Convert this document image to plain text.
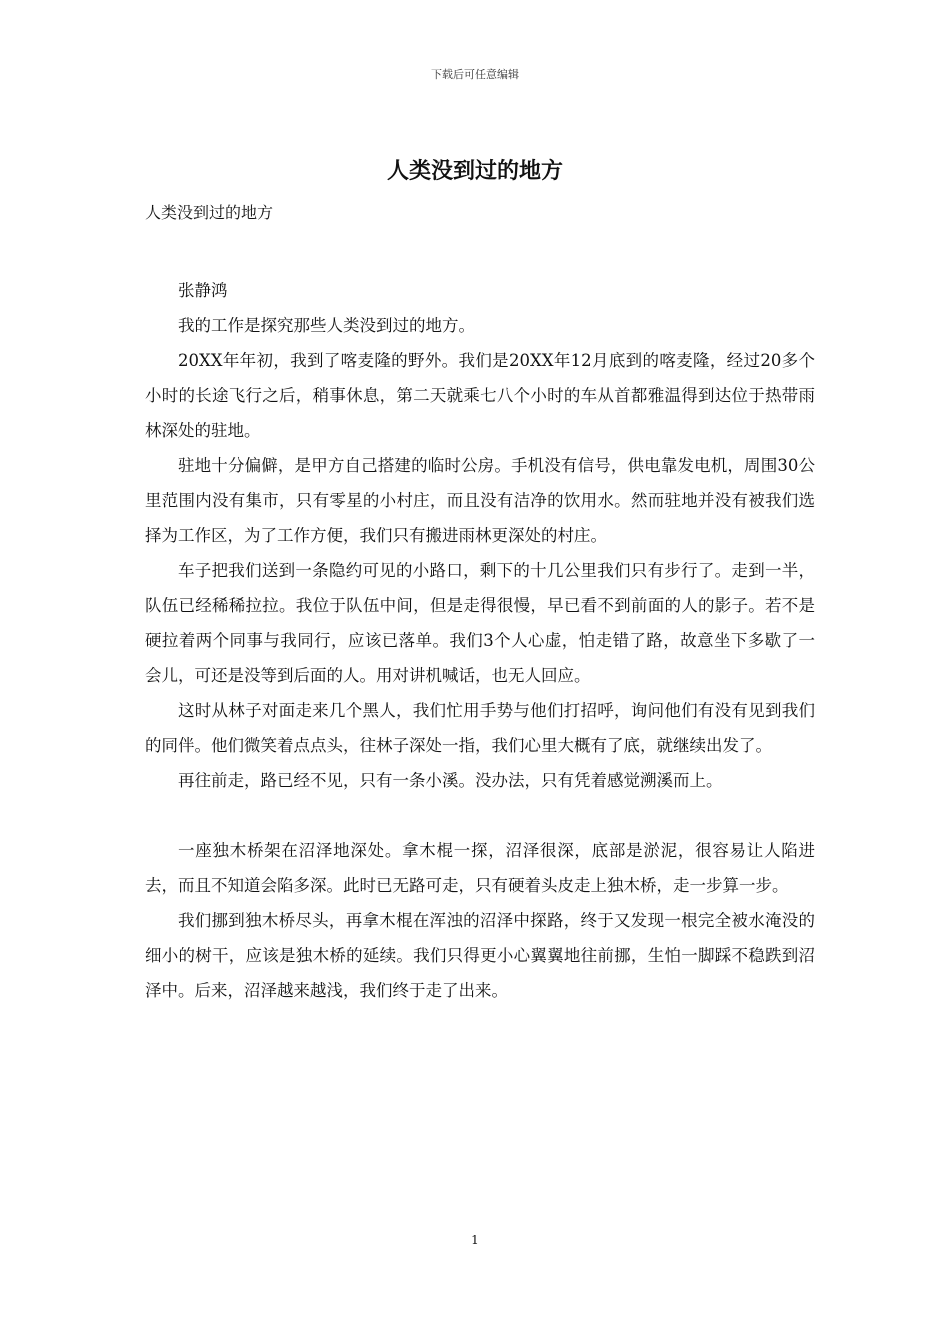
下载后可任意编辑
人类没到过的地方

人类没到过的地方

张静鸿

我的工作是探究那些人类没到过的地方。

20XX年年初，我到了喀麦隆的野外。我们是20XX年12月底到的喀麦隆，经过20多个小时的长途飞行之后，稍事休息，第二天就乘七八个小时的车从首都雅温得到达位于热带雨林深处的驻地。

驻地十分偏僻，是甲方自己搭建的临时公房。手机没有信号，供电靠发电机，周围30公里范围内没有集市，只有零星的小村庄，而且没有洁净的饮用水。然而驻地并没有被我们选择为工作区，为了工作方便，我们只有搬进雨林更深处的村庄。

车子把我们送到一条隐约可见的小路口，剩下的十几公里我们只有步行了。走到一半，队伍已经稀稀拉拉。我位于队伍中间，但是走得很慢，早已看不到前面的人的影子。若不是硬拉着两个同事与我同行，应该已落单。我们3个人心虚，怕走错了路，故意坐下多歇了一会儿，可还是没等到后面的人。用对讲机喊话，也无人回应。

这时从林子对面走来几个黑人，我们忙用手势与他们打招呼，询问他们有没有见到我们的同伴。他们微笑着点点头，往林子深处一指，我们心里大概有了底，就继续出发了。

再往前走，路已经不见，只有一条小溪。没办法，只有凭着感觉溯溪而上。

一座独木桥架在沼泽地深处。拿木棍一探，沼泽很深，底部是淤泥，很容易让人陷进去，而且不知道会陷多深。此时已无路可走，只有硬着头皮走上独木桥，走一步算一步。

我们挪到独木桥尽头，再拿木棍在浑浊的沼泽中探路，终于又发现一根完全被水淹没的细小的树干，应该是独木桥的延续。我们只得更小心翼翼地往前挪，生怕一脚踩不稳跌到沼泽中。后来，沼泽越来越浅，我们终于走了出来。

1
